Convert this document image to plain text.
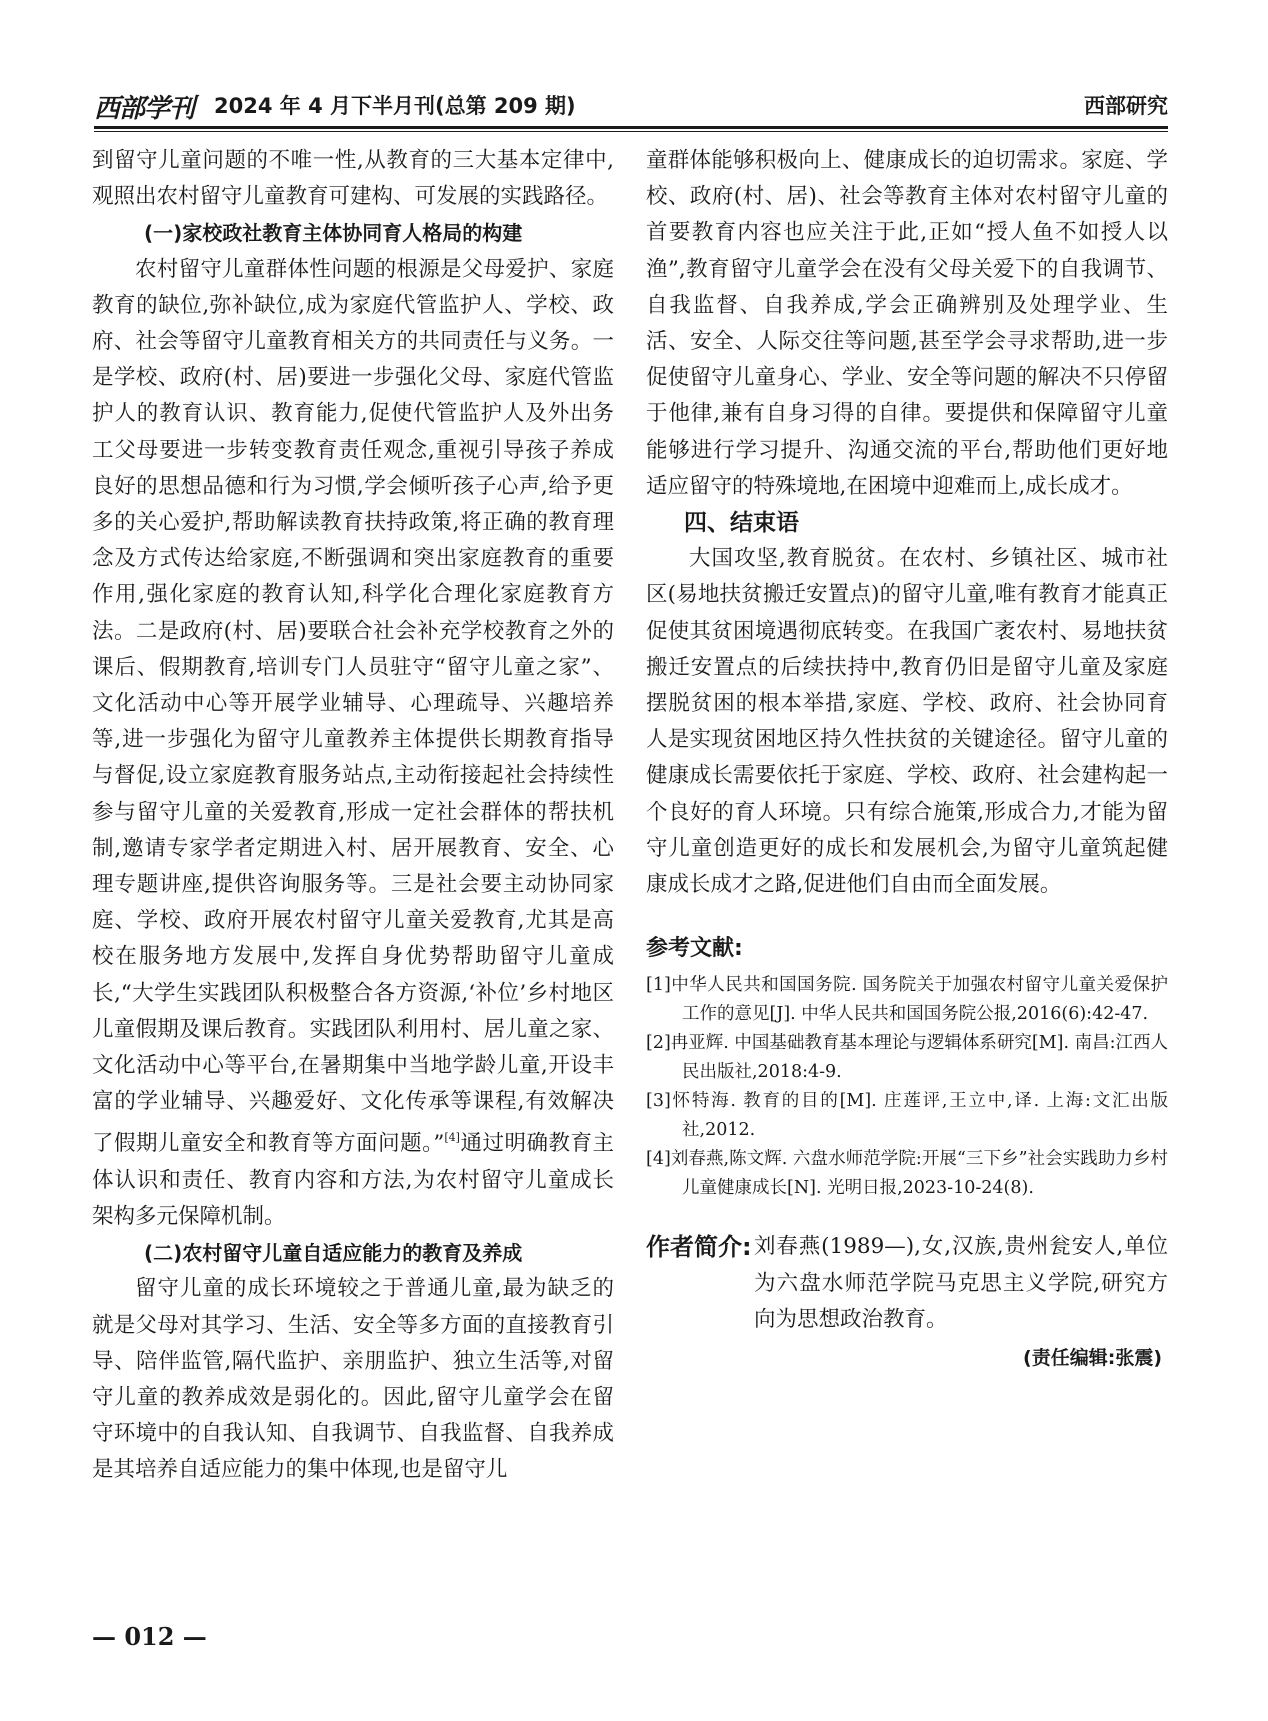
西部学刊 2024 年 4 月下半月刊(总第 209 期)	西部研究

到留守儿童问题的不唯一性,从教育的三大基本定律中,观照出农村留守儿童教育可建构、可发展的实践路径。

(一)家校政社教育主体协同育人格局的构建

农村留守儿童群体性问题的根源是父母爱护、家庭教育的缺位,弥补缺位,成为家庭代管监护人、学校、政府、社会等留守儿童教育相关方的共同责任与义务。一是学校、政府(村、居)要进一步强化父母、家庭代管监护人的教育认识、教育能力,促使代管监护人及外出务工父母要进一步转变教育责任观念,重视引导孩子养成良好的思想品德和行为习惯,学会倾听孩子心声,给予更多的关心爱护,帮助解读教育扶持政策,将正确的教育理念及方式传达给家庭,不断强调和突出家庭教育的重要作用,强化家庭的教育认知,科学化合理化家庭教育方法。二是政府(村、居)要联合社会补充学校教育之外的课后、假期教育,培训专门人员驻守“留守儿童之家”、文化活动中心等开展学业辅导、心理疏导、兴趣培养等,进一步强化为留守儿童教养主体提供长期教育指导与督促,设立家庭教育服务站点,主动衔接起社会持续性参与留守儿童的关爱教育,形成一定社会群体的帮扶机制,邀请专家学者定期进入村、居开展教育、安全、心理专题讲座,提供咨询服务等。三是社会要主动协同家庭、学校、政府开展农村留守儿童关爱教育,尤其是高校在服务地方发展中,发挥自身优势帮助留守儿童成长,“大学生实践团队积极整合各方资源,‘补位’乡村地区儿童假期及课后教育。实践团队利用村、居儿童之家、文化活动中心等平台,在暑期集中当地学龄儿童,开设丰富的学业辅导、兴趣爱好、文化传承等课程,有效解决了假期儿童安全和教育等方面问题。”[4]通过明确教育主体认识和责任、教育内容和方法,为农村留守儿童成长架构多元保障机制。

(二)农村留守儿童自适应能力的教育及养成

留守儿童的成长环境较之于普通儿童,最为缺乏的就是父母对其学习、生活、安全等多方面的直接教育引导、陪伴监管,隔代监护、亲朋监护、独立生活等,对留守儿童的教养成效是弱化的。因此,留守儿童学会在留守环境中的自我认知、自我调节、自我监督、自我养成是其培养自适应能力的集中体现,也是留守儿

童群体能够积极向上、健康成长的迫切需求。家庭、学校、政府(村、居)、社会等教育主体对农村留守儿童的首要教育内容也应关注于此,正如“授人鱼不如授人以渔”,教育留守儿童学会在没有父母关爱下的自我调节、自我监督、自我养成,学会正确辨别及处理学业、生活、安全、人际交往等问题,甚至学会寻求帮助,进一步促使留守儿童身心、学业、安全等问题的解决不只停留于他律,兼有自身习得的自律。要提供和保障留守儿童能够进行学习提升、沟通交流的平台,帮助他们更好地适应留守的特殊境地,在困境中迎难而上,成长成才。

四、结束语

大国攻坚,教育脱贫。在农村、乡镇社区、城市社区(易地扶贫搬迁安置点)的留守儿童,唯有教育才能真正促使其贫困境遇彻底转变。在我国广袤农村、易地扶贫搬迁安置点的后续扶持中,教育仍旧是留守儿童及家庭摆脱贫困的根本举措,家庭、学校、政府、社会协同育人是实现贫困地区持久性扶贫的关键途径。留守儿童的健康成长需要依托于家庭、学校、政府、社会建构起一个良好的育人环境。只有综合施策,形成合力,才能为留守儿童创造更好的成长和发展机会,为留守儿童筑起健康成长成才之路,促进他们自由而全面发展。

参考文献:

[1]中华人民共和国国务院. 国务院关于加强农村留守儿童关爱保护工作的意见[J]. 中华人民共和国国务院公报,2016(6):42-47.

[2]冉亚辉. 中国基础教育基本理论与逻辑体系研究[M]. 南昌:江西人民出版社,2018:4-9.

[3]怀特海. 教育的目的[M]. 庄莲评,王立中,译. 上海:文汇出版社,2012.

[4]刘春燕,陈文辉. 六盘水师范学院:开展“三下乡”社会实践助力乡村儿童健康成长[N]. 光明日报,2023-10-24(8).

作者简介: 刘春燕(1989—),女,汉族,贵州瓮安人,单位为六盘水师范学院马克思主义学院,研究方向为思想政治教育。

(责任编辑:张震)
— 012 —
